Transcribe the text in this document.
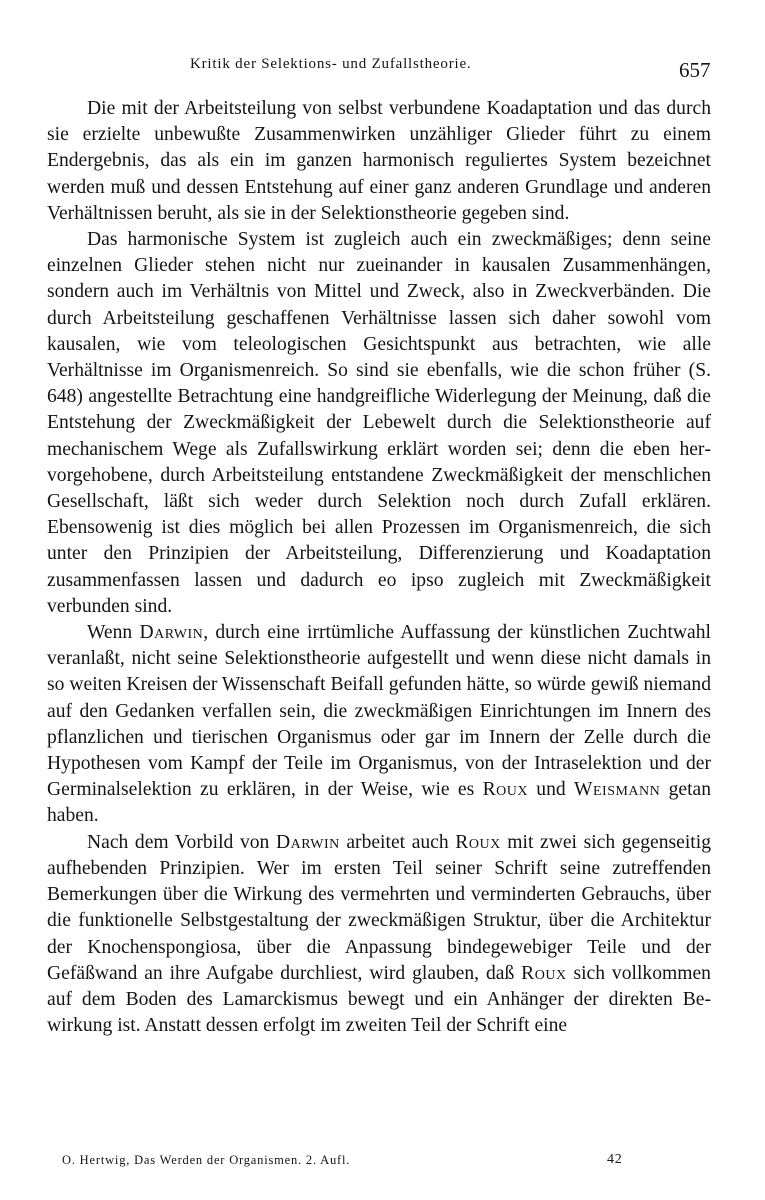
Kritik der Selektions- und Zufallstheorie.	657

Die mit der Arbeitsteilung von selbst verbundene Koadaptation und das durch sie erzielte unbewußte Zusammenwirken unzähliger Glieder führt zu einem Endergebnis, das als ein im ganzen harmonisch reguliertes System bezeichnet werden muß und dessen Entstehung auf einer ganz anderen Grundlage und anderen Verhältnissen beruht, als sie in der Selektionstheorie gegeben sind.

Das harmonische System ist zugleich auch ein zweckmäßiges; denn seine einzelnen Glieder stehen nicht nur zueinander in kausalen Zusammenhängen, sondern auch im Verhältnis von Mittel und Zweck, also in Zweckverbänden. Die durch Arbeitsteilung geschaffenen Verhältnisse lassen sich daher sowohl vom kausalen, wie vom teleologischen Gesichtspunkt aus betrachten, wie alle Verhältnisse im Organismenreich. So sind sie ebenfalls, wie die schon früher (S. 648) angestellte Betrachtung eine handgreifliche Widerlegung der Meinung, daß die Entstehung der Zweckmäßigkeit der Lebewelt durch die Selektionstheorie auf mechanischem Wege als Zufallswirkung erklärt worden sei; denn die eben hervorgehobene, durch Arbeitsteilung entstandene Zweckmäßigkeit der menschlichen Gesellschaft, läßt sich weder durch Selektion noch durch Zufall erklären. Ebensowenig ist dies möglich bei allen Prozessen im Organismenreich, die sich unter den Prinzipien der Arbeitsteilung, Differenzierung und Koadaptation zusammenfassen lassen und dadurch eo ipso zugleich mit Zweckmäßigkeit verbunden sind.

Wenn Darwin, durch eine irrtümliche Auffassung der künstlichen Zuchtwahl veranlaßt, nicht seine Selektionstheorie aufgestellt und wenn diese nicht damals in so weiten Kreisen der Wissenschaft Beifall gefunden hätte, so würde gewiß niemand auf den Gedanken verfallen sein, die zweckmäßigen Einrichtungen im Innern des pflanzlichen und tierischen Organismus oder gar im Innern der Zelle durch die Hypothesen vom Kampf der Teile im Organismus, von der Intraselektion und der Germinalselektion zu erklären, in der Weise, wie es Roux und Weismann getan haben.

Nach dem Vorbild von Darwin arbeitet auch Roux mit zwei sich gegenseitig aufhebenden Prinzipien. Wer im ersten Teil seiner Schrift seine zutreffenden Bemerkungen über die Wirkung des vermehrten und verminderten Gebrauchs, über die funktionelle Selbstgestaltung der zweckmäßigen Struktur, über die Architektur der Knochenspongiosa, über die Anpassung bindegewebiger Teile und der Gefäßwand an ihre Aufgabe durchliest, wird glauben, daß Roux sich vollkommen auf dem Boden des Lamarckismus bewegt und ein Anhänger der direkten Bewirkung ist. Anstatt dessen erfolgt im zweiten Teil der Schrift eine

O. Hertwig, Das Werden der Organismen. 2. Aufl.	42
